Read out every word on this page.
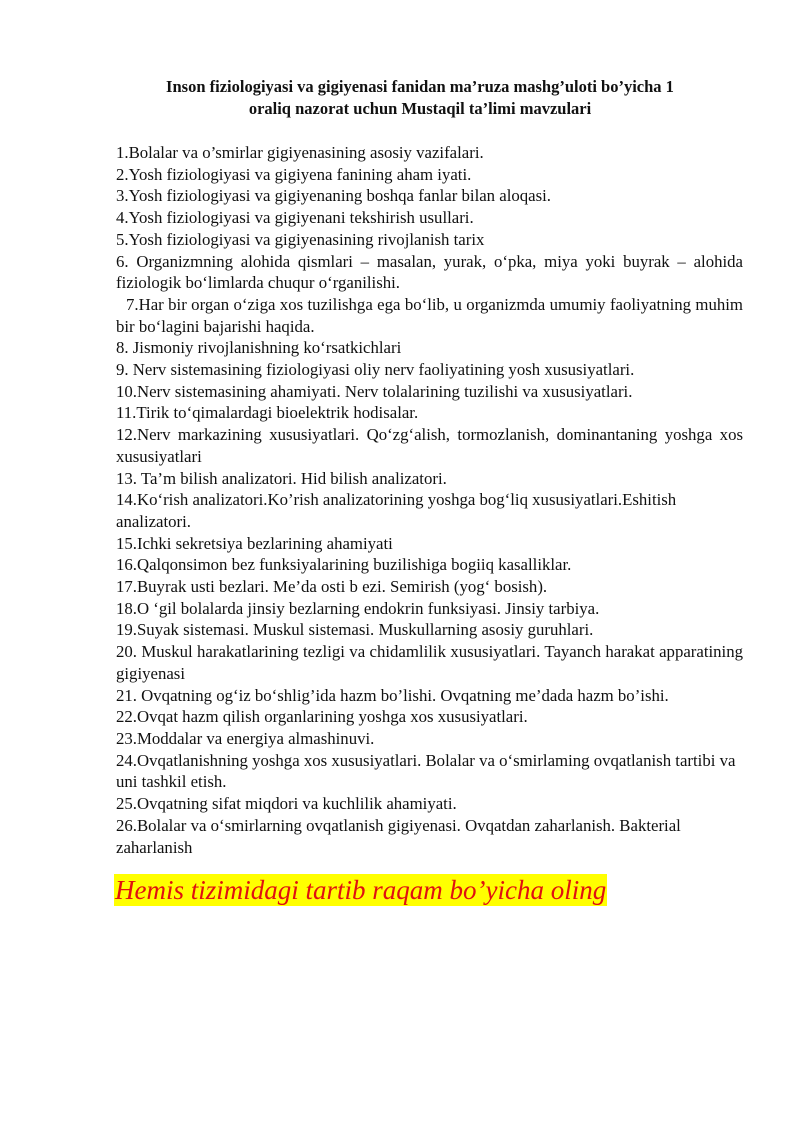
Inson fiziologiyasi va gigiyenasi fanidan ma’ruza mashg’uloti bo’yicha 1
oraliq nazorat uchun Mustaqil ta’limi mavzulari
1.Bolalar va o’smirlar gigiyenasining asosiy vazifalari.
2.Yosh fiziologiyasi va gigiyena fanining aham iyati.
3.Yosh fiziologiyasi va gigiyenaning boshqa fanlar bilan aloqasi.
4.Yosh fiziologiyasi va gigiyenani tekshirish usullari.
5.Yosh fiziologiyasi va gigiyenasining rivojlanish tarix
6. Organizmning alohida qismlari – masalan, yurak, o‘pka, miya yoki buyrak – alohida fiziologik bo‘limlarda chuqur o‘rganilishi.
7.Har bir organ o‘ziga xos tuzilishga ega bo‘lib, u organizmda umumiy faoliyatning muhim bir bo‘lagini bajarishi haqida.
8. Jismoniy rivojlanishning ko‘rsatkichlari
9. Nerv sistemasining fiziologiyasi oliy nerv faoliyatining yosh xususiyatlari.
10.Nerv sistemasining ahamiyati. Nerv tolalarining tuzilishi va xususiyatlari.
11.Tirik to‘qimalardagi bioelektrik hodisalar.
12.Nerv markazining xususiyatlari. Qo‘zg‘alish, tormozlanish, dominantaning yoshga xos xususiyatlari
13. Ta’m bilish analizatori. Hid bilish analizatori.
14.Ko‘rish analizatori.Ko’rish analizatorining yoshga bog‘liq xususiyatlari.Eshitish analizatori.
15.Ichki sekretsiya bezlarining ahamiyati
16.Qalqonsimon bez funksiyalarining buzilishiga bogiiq kasalliklar.
17.Buyrak usti bezlari. Me’da osti b ezi. Semirish (yog‘ bosish).
18.O ‘gil bolalarda jinsiy bezlarning endokrin funksiyasi. Jinsiy tarbiya.
19.Suyak sistemasi. Muskul sistemasi. Muskullarning asosiy guruhlari.
20. Muskul harakatlarining tezligi va chidamlilik xususiyatlari. Tayanch harakat apparatining gigiyenasi
21. Ovqatning og‘iz bo‘shlig’ida hazm bo’lishi. Ovqatning me’dada hazm bo’ishi.
22.Ovqat hazm qilish organlarining yoshga xos xususiyatlari.
23.Moddalar va energiya almashinuvi.
24.Ovqatlanishning yoshga xos xususiyatlari. Bolalar va o‘smirlaming ovqatlanish tartibi va uni tashkil etish.
25.Ovqatning sifat miqdori va kuchlilik ahamiyati.
26.Bolalar va o‘smirlarning ovqatlanish gigiyenasi. Ovqatdan zaharlanish. Bakterial zaharlanish

Hemis tizimidagi tartib raqam bo’yicha oling
